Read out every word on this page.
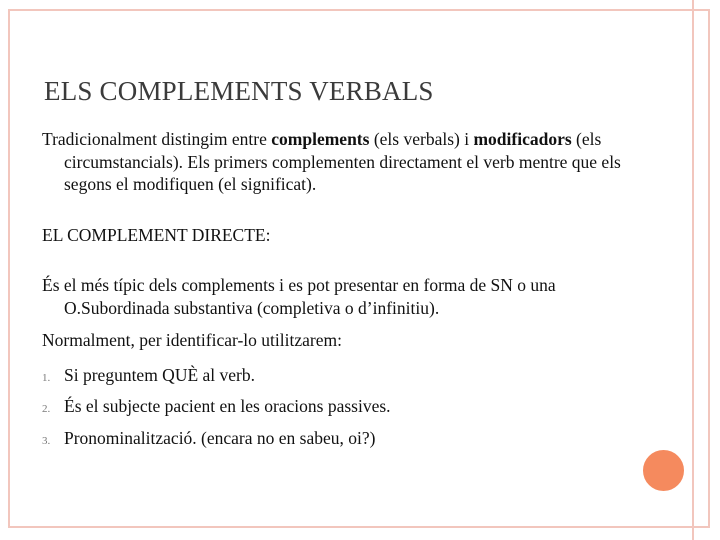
ELS COMPLEMENTS VERBALS

Tradicionalment distingim entre complements (els verbals) i modificadors (els circumstancials). Els primers complementen directament el verb mentre que els segons el modifiquen (el significat).

EL COMPLEMENT DIRECTE:

És el més típic dels complements i es pot presentar en forma de SN o una O.Subordinada substantiva (completiva o d’infinitiu).

Normalment, per identificar-lo utilitzarem:

1. Si preguntem QUÈ al verb.
2. És el subjecte pacient en les oracions passives.
3. Pronominalització. (encara no en sabeu, oi?)
